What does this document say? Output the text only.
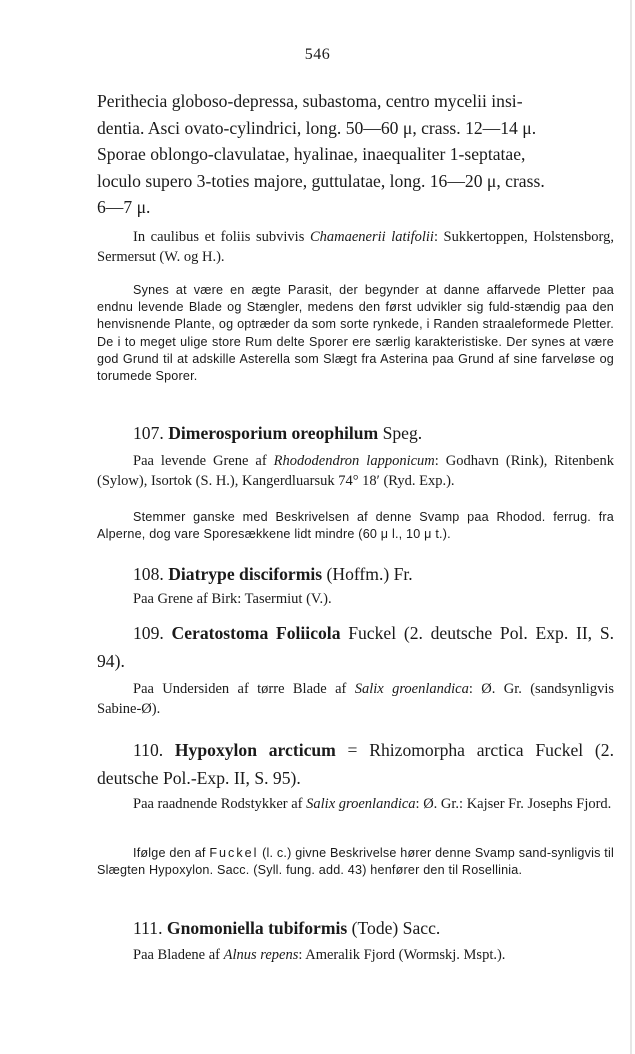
546
Perithecia globoso-depressa, subastoma, centro mycelii insi-
dentia. Asci ovato-cylindrici, long. 50—60 μ, crass. 12—14 μ.
Sporae oblongo-clavulatae, hyalinae, inaequaliter 1-septatae,
loculo supero 3-toties majore, guttulatae, long. 16—20 μ, crass.
6—7 μ.

In caulibus et foliis subvivis Chamaenerii latifolii: Sukkertoppen, Holstensborg, Sermersut (W. og H.).

Synes at være en ægte Parasit, der begynder at danne affarvede Pletter paa endnu levende Blade og Stængler, medens den først udvikler sig fuld-stændig paa den henvisnende Plante, og optræder da som sorte rynkede, i Randen straaleformede Pletter. De i to meget ulige store Rum delte Sporer ere særlig karakteristiske. Der synes at være god Grund til at adskille Asterella som Slægt fra Asterina paa Grund af sine farveløse og torumede Sporer.

107. Dimerosporium oreophilum Speg.

Paa levende Grene af Rhododendron lapponicum: Godhavn (Rink), Ritenbenk (Sylow), Isortok (S. H.), Kangerdluarsuk 74° 18′ (Ryd. Exp.).

Stemmer ganske med Beskrivelsen af denne Svamp paa Rhodod. ferrug. fra Alperne, dog vare Sporesækkene lidt mindre (60 μ l., 10 μ t.).

108. Diatrype disciformis (Hoffm.) Fr.

Paa Grene af Birk: Tasermiut (V.).

109. Ceratostoma Foliicola Fuckel (2. deutsche Pol. Exp. II, S. 94).

Paa Undersiden af tørre Blade af Salix groenlandica: Ø. Gr. (sandsynligvis Sabine-Ø).

110. Hypoxylon arcticum = Rhizomorpha arctica Fuckel (2. deutsche Pol.-Exp. II, S. 95).

Paa raadnende Rodstykker af Salix groenlandica: Ø. Gr.: Kajser Fr. Josephs Fjord.

Ifølge den af Fuckel (l. c.) givne Beskrivelse hører denne Svamp sand-synligvis til Slægten Hypoxylon. Sacc. (Syll. fung. add. 43) henfører den til Rosellinia.

111. Gnomoniella tubiformis (Tode) Sacc.

Paa Bladene af Alnus repens: Ameralik Fjord (Wormskj. Mspt.).
